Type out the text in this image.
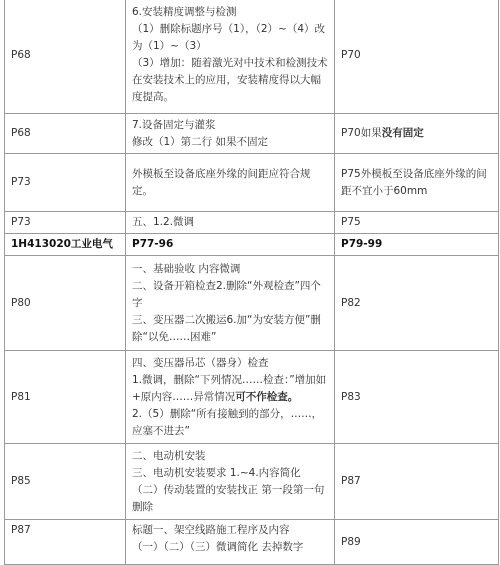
P68	6.安装精度调整与检测
（1）删除标题序号（1），（2）~（4）改为（1）~（3）
（3）增加：随着激光对中技术和检测技术在安装技术上的应用，安装精度得以大幅度提高。	P70
P68	7.设备固定与灌浆
修改（1）第二行 如果不固定	P70如果没有固定
P73	外模板至设备底座外缘的间距应符合规定。	P75外模板至设备底座外缘的间距不宜小于60mm
P73	五、1.2.微调	P75
1H413020工业电气	P77-96	P79-99
P80	一、基础验收 内容微调
二、设备开箱检查2.删除“外观检查”四个字
三、变压器二次搬运6.加“为安装方便”删除“以免……困难”	P82
P81	四、变压器吊芯（器身）检查
1.微调，删除“下列情况……检查：”增加如+原内容……异常情况可不作检查。
2.（5）删除“所有接触到的部分，……，应塞不进去”	P83
P85	二、电动机安装
三、电动机安装要求 1.~4.内容简化
（二）传动装置的安装找正 第一段第一句删除	P87
P87	标题一、架空线路施工程序及内容
（一）（二）（三）微调简化 去掉数字	P89
